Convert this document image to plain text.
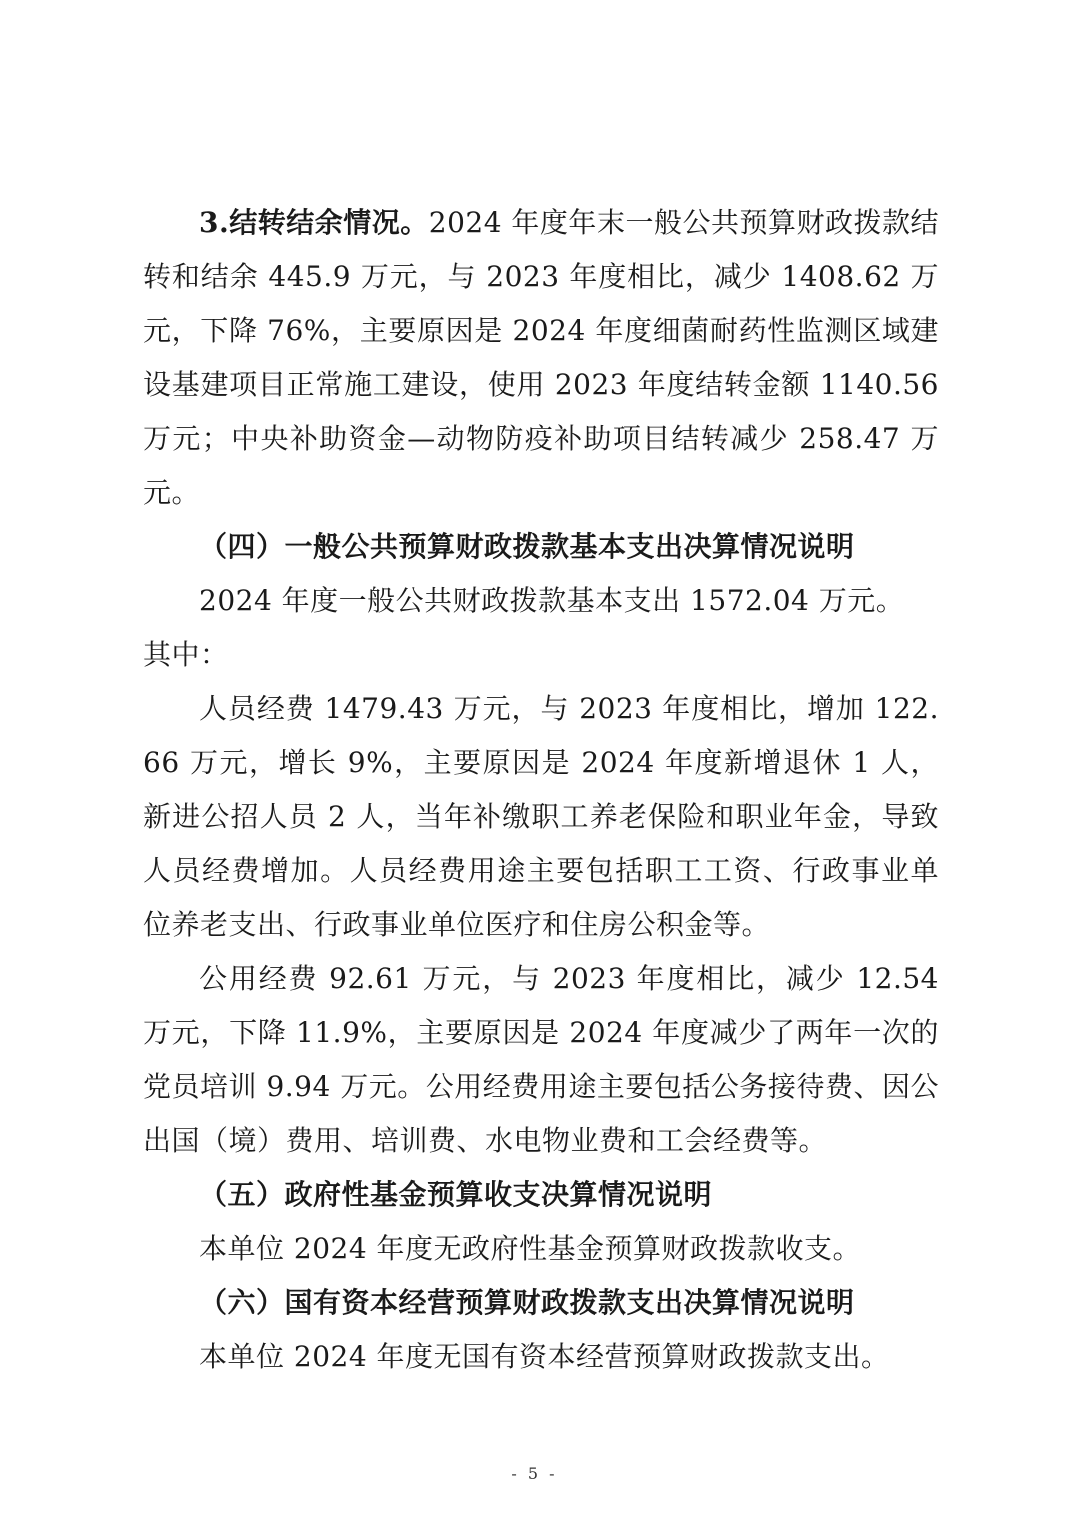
3.结转结余情况。2024 年度年末一般公共预算财政拨款结转和结余 445.9 万元，与 2023 年度相比，减少 1408.62 万元，下降 76%，主要原因是 2024 年度细菌耐药性监测区域建设基建项目正常施工建设，使用 2023 年度结转金额 1140.56 万元；中央补助资金—动物防疫补助项目结转减少 258.47 万元。

（四）一般公共预算财政拨款基本支出决算情况说明

2024 年度一般公共财政拨款基本支出 1572.04 万元。

其中：

人员经费 1479.43 万元，与 2023 年度相比，增加 122.66 万元，增长 9%，主要原因是 2024 年度新增退休 1 人，新进公招人员 2 人，当年补缴职工养老保险和职业年金，导致人员经费增加。人员经费用途主要包括职工工资、行政事业单位养老支出、行政事业单位医疗和住房公积金等。

公用经费 92.61 万元，与 2023 年度相比，减少 12.54 万元，下降 11.9%，主要原因是 2024 年度减少了两年一次的党员培训 9.94 万元。公用经费用途主要包括公务接待费、因公出国（境）费用、培训费、水电物业费和工会经费等。

（五）政府性基金预算收支决算情况说明

本单位 2024 年度无政府性基金预算财政拨款收支。

（六）国有资本经营预算财政拨款支出决算情况说明

本单位 2024 年度无国有资本经营预算财政拨款支出。

- 5 -
